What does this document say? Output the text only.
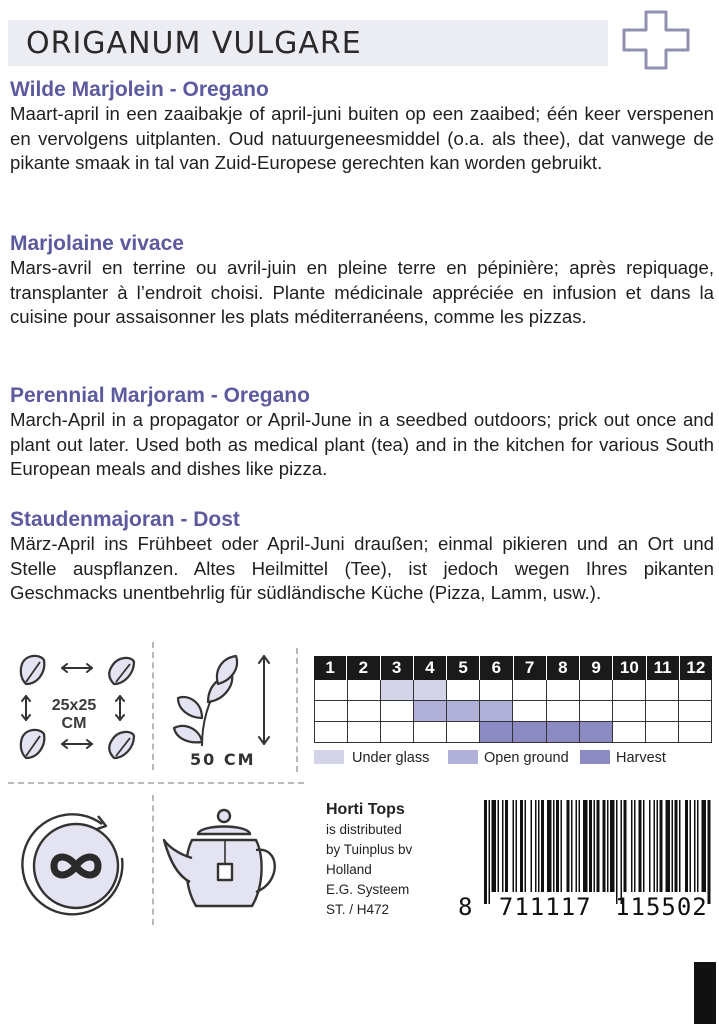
ORIGANUM VULGARE
Wilde Marjolein - Oregano
Maart-april in een zaaibakje of april-juni buiten op een zaaibed; één keer verspenen en vervolgens uitplanten. Oud natuurgeneesmiddel (o.a. als thee), dat vanwege de pikante smaak in tal van Zuid-Europese gerechten kan worden gebruikt.
Marjolaine vivace
Mars-avril en terrine ou avril-juin en pleine terre en pépinière; après repiquage, transplanter à l’endroit choisi. Plante médicinale appréciée en infusion et dans la cuisine pour assaisonner les plats méditerranéens, comme les pizzas.
Perennial Marjoram - Oregano
March-April in a propagator or April-June in a seedbed outdoors; prick out once and plant out later. Used both as medical plant (tea) and in the kitchen for various South European meals and dishes like pizza.
Staudenmajoran - Dost
März-April ins Frühbeet oder April-Juni draußen; einmal pikieren und an Ort und Stelle auspflanzen. Altes Heilmittel (Tee), ist jedoch wegen Ihres pikanten Geschmacks unentbehrlig für südländische Küche (Pizza, Lamm, usw.).
25x25
CM
50 CM
1	2	3	4	5	6	7	8	9	10 11 12
Under glass	Open ground	Harvest
Horti Tops
is distributed
by Tuinplus bv
Holland
E.G. Systeem
ST. / H472	8 711117 115502
